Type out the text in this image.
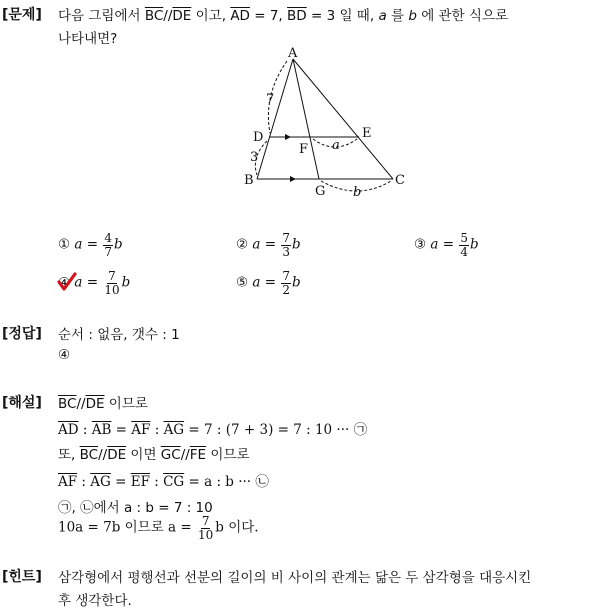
[문제] 다음 그림에서 $\overline{BC}//\overline{DE}$ 이고, $\overline{AD} = 7$, $\overline{BD} = 3$ 일 때, a 를 b 에 관한 식으로
나타내면?
A
D	E
F
B
G
C
7
3
a
b
① $a = \frac{4}{7}$ b	② $a = \frac{7}{3}$ b	③ $a = \frac{5}{4}$ b
④ $a = \frac{7}{10}$ b	⑤ $a = \frac{7}{2}$ b
[정답] 순서 : 없음, 갯수 : 1
④
[해설] $\overline{BC}//\overline{DE}$ 이므로
$\overline{AD}$ : $\overline{AB} = \overline{AF}$ : $\overline{AG} = 7$ : (7 + 3) = 7 : 10 ··· ㉠
또, $\overline{BC}//\overline{DE}$ 이면 $\overline{GC}//\overline{FE}$ 이므로
$\overline{AF}$ : $\overline{AG} = \overline{EF}$ : $\overline{CG} = a$ : b ··· ㉡
㉠, ㉡에서 a : b = 7 : 10
10a = 7b 이므로 $a = \frac{7}{10}$ b 이다.
[힌트] 삼각형에서 평행선과 선분의 길이의 비 사이의 관계는 닮은 두 삼각형을 대응시킨
후 생각한다.
